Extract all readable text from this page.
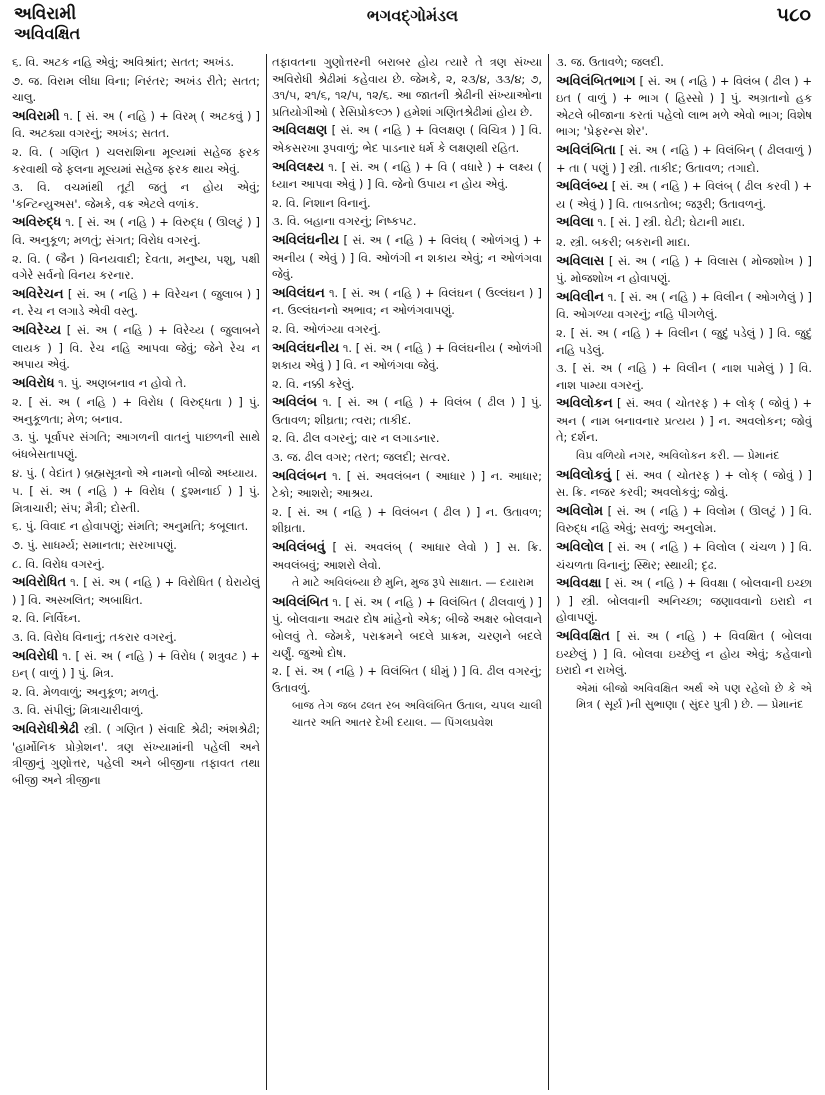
અવિરામી
અવિવક્ષિત
ભગવદ્ગોમંડલ	૫૮૦
૬. વિ. અટક નહિ એવું; અવિશ્રાંત; સતત; અખંડ.
૭. જ. વિરામ લીધા વિના; નિરંતર; અખંડ રીતે; સતત; ચાલુ.
અવિરામી ૧. [ સં. અ ( નહિ ) + વિરમ્ ( અટકવું ) ] વિ. અટક્યા વગરનું; અખંડ; સતત.
૨. વિ. ( ગણિત ) ચલરાશિના મૂલ્યમાં સહેજ ફરક કરવાથી જે ફલના મૂલ્યમાં સહેજ ફરક થાય એવું.
૩. વિ. વચમાંથી તૂટી જતું ન હોય એવું; 'કન્ટિન્યુઅસ'. જેમકે, વક્ર એટલે વળાંક.
અવિરુદ્ધ ૧. [ સં. અ ( નહિ ) + વિરુદ્ધ ( ઊલટું ) ] વિ. અનુકૂળ; મળતું; સંગત; વિરોધ વગરનું.
૨. વિ. ( જૈન ) વિનયવાદી; દેવતા, મનુષ્ય, પશુ, પક્ષી વગેરે સર્વનો વિનય કરનાર.
અવિરેચન [ સં. અ ( નહિ ) + વિરેચન ( જુલાબ ) ] ન. રેચ ન લગાડે એવી વસ્તુ.
અવિરેચ્ય [ સં. અ ( નહિ ) + વિરેચ્ય ( જુલાબને લાયક ) ] વિ. રેચ નહિ આપવા જેવું; જેને રેચ ન અપાય એવું.
અવિરોધ ૧. પું. અણબનાવ ન હોવો તે.
૨. [ સં. અ ( નહિ ) + વિરોધ ( વિરુદ્ધતા ) ] પું. અનુકૂળતા; મેળ; બનાવ.
૩. પું. પૂર્વાપર સંગતિ; આગળની વાતનું પાછળની સાથે બંધબેસતાપણું.
૪. પું. ( વેદાંત ) બ્રહ્મસૂત્રનો એ નામનો બીજો અધ્યાય.
૫. [ સં. અ ( નહિ ) + વિરોધ ( દુશ્મનાઈ ) ] પું. મિત્રાચારી; સંપ; મૈત્રી; દોસ્તી.
૬. પું. વિવાદ ન હોવાપણું; સંમતિ; અનુમતિ; કબૂલાત.
૭. પું. સાધર્મ્ય; સમાનતા; સરખાપણું.
૮. વિ. વિરોધ વગરનું.
અવિરોધિત ૧. [ સં. અ ( નહિ ) + વિરોધિત ( ઘેરાયેલું ) ] વિ. અસ્ખલિત; અબાધિત.
૨. વિ. નિર્વિઘ્ન.
૩. વિ. વિરોધ વિનાનું; તકરાર વગરનું.
અવિરોધી ૧. [ સં. અ ( નહિ ) + વિરોધ ( શત્રુવટ ) + ઇન્ ( વાળું ) ] પું. મિત્ર.
૨. વિ. મેળવાળું; અનુકૂળ; મળતું.
૩. વિ. સંપીલું; મિત્રાચારીવાળું.
અવિરોધીશ્રેઢી સ્ત્રી. ( ગણિત ) સંવાદિ શ્રેઢી; અંશશ્રેઢી; 'હાર્મોનિક પ્રોગ્રેશન'. ત્રણ સંખ્યામાંની પહેલી અને ત્રીજીનું ગુણોત્તર, પહેલી અને બીજીના તફાવત તથા બીજી અને ત્રીજીના
તફાવતના ગુણોત્તરની બરાબર હોય ત્યારે તે ત્રણ સંખ્યા અવિરોધી શ્રેઢીમાં કહેવાય છે. જેમકે, ૨, ૨૩/૪, ૩૩/૪; ૭, ૩૧/૫, ૨૧/૬, ૧૨/૫, ૧૨/૬. આ જાતની શ્રેઢીની સંખ્યાઓના પ્રતિયોગીઓ ( રેસિપ્રોકલ્ઝ ) હમેશાં ગણિતશ્રેઢીમાં હોય છે.
અવિલક્ષણ [ સં. અ ( નહિ ) + વિલક્ષણ ( વિચિત્ર ) ] વિ. એકસરખા રૂપવાળું; ભેદ પાડનાર ધર્મ કે લક્ષણથી રહિત.
અવિલક્ષ્ય ૧. [ સં. અ ( નહિ ) + વિ ( વધારે ) + લક્ષ્ય ( ધ્યાન આપવા એવું ) ] વિ. જેનો ઉપાય ન હોય એવું.
૨. વિ. નિશાન વિનાનું.
૩. વિ. બહાના વગરનું; નિષ્કપટ.
અવિલંઘનીય [ સં. અ ( નહિ ) + વિલંઘ્ ( ઓળંગવું ) + અનીય ( એવું ) ] વિ. ઓળંગી ન શકાય એવું; ન ઓળંગવા જેવું.
અવિલંઘન ૧. [ સં. અ ( નહિ ) + વિલંઘન ( ઉલ્લંઘન ) ] ન. ઉલ્લંઘનનો અભાવ; ન ઓળંગવાપણું.
૨. વિ. ઓળંગ્યા વગરનું.
અવિલંઘનીય ૧. [ સં. અ ( નહિ ) + વિલંઘનીય ( ઓળંગી શકાય એવું ) ] વિ. ન ઓળંગવા જેવું.
૨. વિ. નક્કી કરેલું.
અવિલંબ ૧. [ સં. અ ( નહિ ) + વિલંબ ( ઢીલ ) ] પું. ઉતાવળ; શીઘ્રતા; ત્વરા; તાકીદ.
૨. વિ. ઢીલ વગરનું; વાર ન લગાડનાર.
૩. જ. ઢીલ વગર; તરત; જલદી; સત્વર.
અવિલંબન ૧. [ સં. અવલંબન ( આધાર ) ] ન. આધાર; ટેકો; આશરો; આશ્રય.
૨. [ સં. અ ( નહિ ) + વિલંબન ( ઢીલ ) ] ન. ઉતાવળ; શીઘ્રતા.
અવિલંબવું [ સં. અવલંબ્ ( આધાર લેવો ) ] સ. ક્રિ. અવલંબવું; આશરો લેવો.
તે માટે અવિલંબ્યા છે મુનિ, મુજ રૂપે સાક્ષાત. — દયારામ
અવિલંબિત ૧. [ સં. અ ( નહિ ) + વિલંબિત ( ઢીલવાળું ) ] પું. બોલવાના અઢાર દોષ માંહેનો એક; બીજે અક્ષર બોલવાને બોલવું તે. જેમકે, પરાક્રમને બદલે પ્રાક્રમ, ચરણને બદલે ચર્ણું. જુઓ દોષ.
૨. [ સં. અ ( નહિ ) + વિલંબિત ( ધીમું ) ] વિ. ઢીલ વગરનું; ઉતાવળું.
બાજ તેગ જબ ઢલત રબ અવિલંબિત ઉતાલ, ચપલ ચાલી ચાતર અતિ આતર દેખી દયાલ. — પિંગલપ્રવેશ
૩. જ. ઉતાવળે; જલદી.
અવિલંબિતભાગ [ સં. અ ( નહિ ) + વિલંબ ( ઢીલ ) + ઇત ( વાળું ) + ભાગ ( હિસ્સો ) ] પું. અગ્રતાનો હક એટલે બીજાના કરતાં પહેલો લાભ મળે એવો ભાગ; વિશેષ ભાગ; 'પ્રેફરન્સ શેર'.
અવિલંબિતા [ સં. અ ( નહિ ) + વિલંબિન્ ( ઢીલવાળું ) + તા ( પણું ) ] સ્ત્રી. તાકીદ; ઉતાવળ; તગાદો.
અવિલંબ્ય [ સં. અ ( નહિ ) + વિલંબ્ ( ઢીલ કરવી ) + ય ( એવું ) ] વિ. તાબડતોબ; જરૂરી; ઉતાવળનું.
અવિલા ૧. [ સં. ] સ્ત્રી. ઘેટી; ઘેટાની માદા.
૨. સ્ત્રી. બકરી; બકરાની માદા.
અવિલાસ [ સં. અ ( નહિ ) + વિલાસ ( મોજશોખ ) ] પું. મોજશોખ ન હોવાપણું.
અવિલીન ૧. [ સં. અ ( નહિ ) + વિલીન ( ઓગળેલું ) ] વિ. ઓગળ્યા વગરનું; નહિ પીગળેલું.
૨. [ સં. અ ( નહિ ) + વિલીન ( જુદું પડેલું ) ] વિ. જુદું નહિ પડેલું.
૩. [ સં. અ ( નહિ ) + વિલીન ( નાશ પામેલું ) ] વિ. નાશ પામ્યા વગરનું.
અવિલોકન [ સં. અવ ( ચોતરફ ) + લોક્ ( જોવું ) + અન ( નામ બનાવનાર પ્રત્યય ) ] ન. અવલોકન; જોવું તે; દર્શન.
વિપ્ર વળિયો નગર, અવિલોકન કરી. — પ્રેમાનંદ
અવિલોકવું [ સં. અવ ( ચોતરફ ) + લોક્ ( જોવું ) ] સ. ક્રિ. નજર કરવી; અવલોકવું; જોવું.
અવિલોમ [ સં. અ ( નહિ ) + વિલોમ ( ઊલટું ) ] વિ. વિરુદ્ધ નહિ એવું; સવળું; અનુલોમ.
અવિલોલ [ સં. અ ( નહિ ) + વિલોલ ( ચંચળ ) ] વિ. ચંચળતા વિનાનું; સ્થિર; સ્થાયી; દૃઢ.
અવિવક્ષા [ સં. અ ( નહિ ) + વિવક્ષા ( બોલવાની ઇચ્છા ) ] સ્ત્રી. બોલવાની અનિચ્છા; જણાવવાનો ઇરાદો ન હોવાપણું.
અવિવક્ષિત [ સં. અ ( નહિ ) + વિવક્ષિત ( બોલવા ઇચ્છેલું ) ] વિ. બોલવા ઇચ્છેલું ન હોય એવું; કહેવાનો ઇરાદો ન રાખેલું.
એમાં બીજો અવિવક્ષિત અર્થ એ પણ રહેલો છે કે એ મિત્ર ( સૂર્ય )ની સુભાણા ( સુંદર પુત્રી ) છે. — પ્રેમાનંદ
